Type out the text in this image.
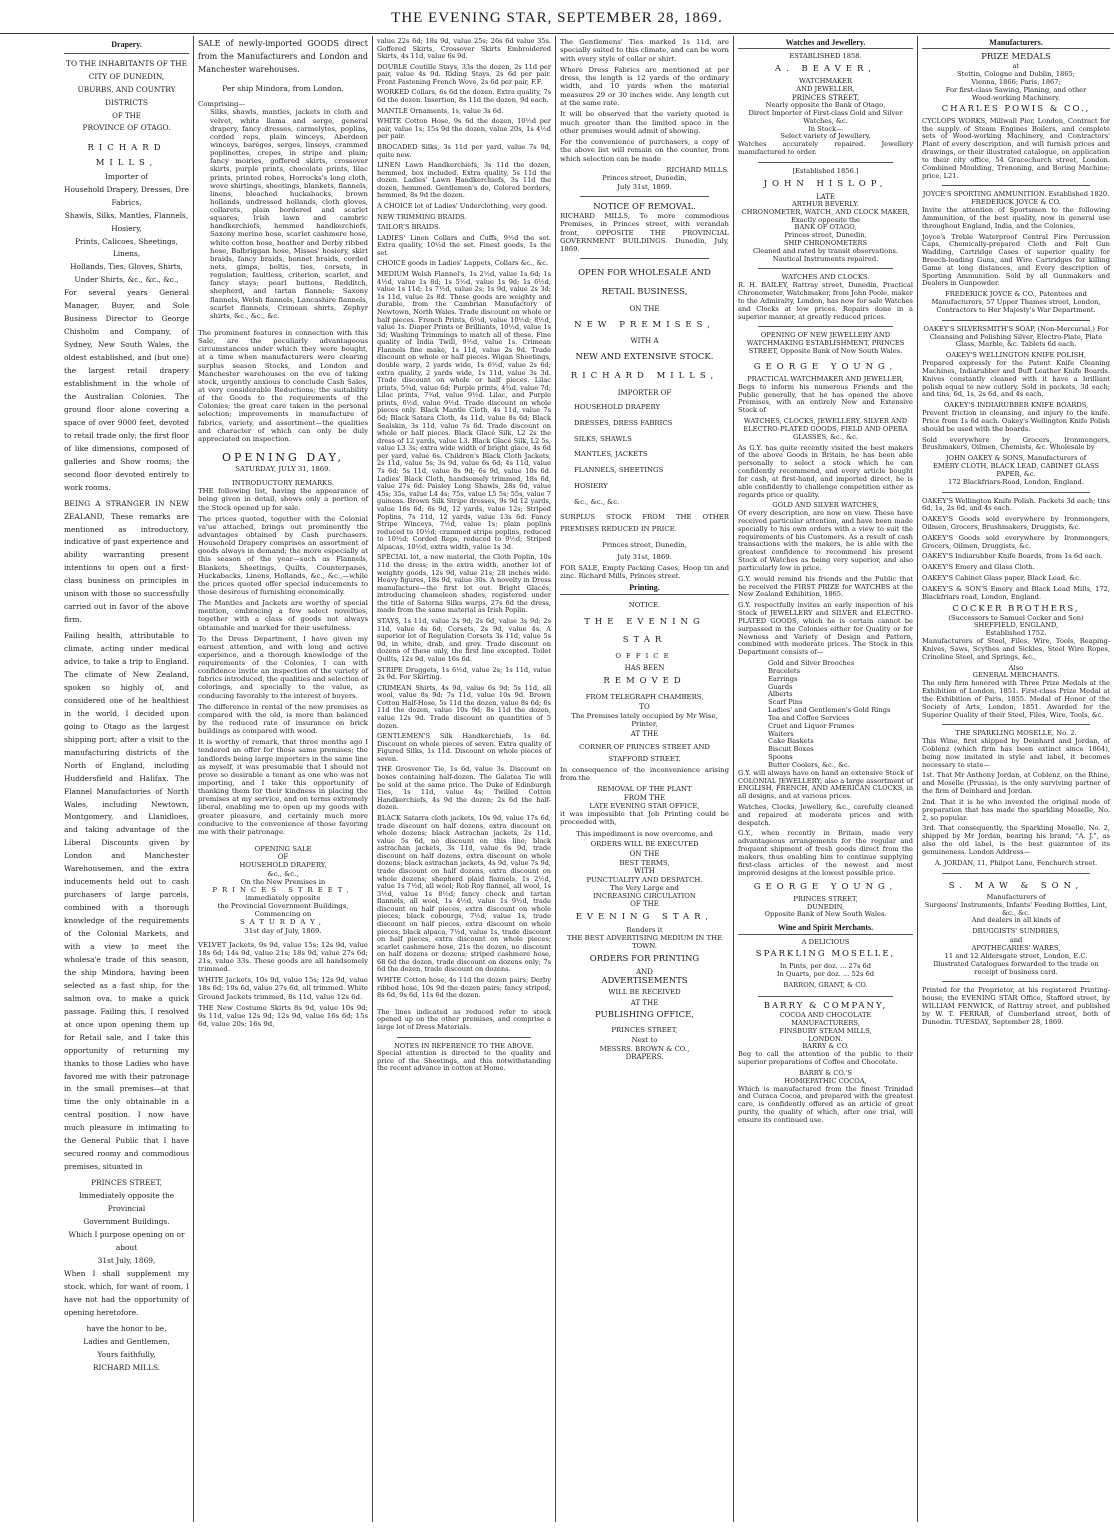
THE EVENING STAR, SEPTEMBER 28, 1869.
Drapery.
TO THE INHABITANTS OF THE
CITY OF DUNEDIN,
UBURBS, AND COUNTRY DISTRICTS
OF THE
PROVINCE OF OTAGO.
RICHARD MILLS,
Importer of
Household Drapery, Dresses, Dre Fabrics,
Shawls, Silks, Mantles, Flannels, Hosiery,
Prints, Calicoes, Sheetings, Linens,
Hollands, Ties, Gloves, Shirts,
Under Shirts, &c., &c., &c.,

For several years General Manager, Buyer, and Sole Business Director to George Chisholm and Company, of Sydney, New South Wales, the oldest established, and (but one) the largest retail drapery establishment in the whole of the Australian Colonies. The ground floor alone covering a space of over 9000 feet, devoted to retail trade only; the first floor of like dimensions, composed of galleries and Show rooms; the second floor devoted entirely to work rooms.

BEING A STRANGER IN NEW ZEALAND, These remarks are mentioned as introductory, indicative of past experience and ability warranting present intentions to open out a first-class business on principles in unison with those so successfully carried out in favor of the above firm.

Failing health, attributable to climate, acting under medical advice, to take a trip to England. The climate of New Zealand, spoken so highly of, and considered one of he healthiest in the world, I decided upon going to Otago as the largest shipping port; after a visit to the manufacturing districts of the North of England, including Huddersfield and Halifax. The Flannel Manufactories of North Wales, including Newtown, Montgomery, and Llanidloes, and taking advantage of the Liberal Discounts given by London and Manchester Warehousemen, and the extra inducements held out to cash purchasers of large parcels, combined with a thorough knowledge of the requirements of the Colonial Markets, and with a view to meet the wholesa'e trade of this season, the ship Mindora, having been selected as a fast ship, for the salmon ova, to make a quick passage. Failing this, I resolved at once upon opening them up for Retail sale, and I take this opportunity of returning my thanks to those Ladies who have favored me with their patronage in the small premises—at that time the only obtainable in a central position. I now have much pleasure in intimating to the General Public that I have secured roomy and commodious premises, situated in

PRINCES STREET,
Immediately opposite the Provincial
Government Buildings.
Which I purpose opening on or about
31st July, 1869,

When I shall supplement my stock, which, for want of room, I have not had the opportunity of opening heretofore.

have the honor to be,
Ladies and Gentlemen,
Yours faithfully,
RICHARD MILLS.

SALE of newly-imported GOODS direct from the Manufacturers and London and Manchester warehouses.

Per ship Mindora, from London.
Comprising—

Silks, shawls, mantles, jackets in cloth and velvet, white llama and serge, general drapery, fancy dresses, carmelytes, poplins, corded reps, plain winceys, Aberdeen winceys, barèges, serges, linseys, crammed poplinettes, crepes, in stripe and plain; fancy moiries, goffered skirts, crossover skirts, purple prints, chocolate prints, lilac prints, printed robes, Horrocks's long cloth, wove shirtings, sheetings, blankets, flannels, linens, bleached huckabacks, brown hollands, undressed hollands, cloth gloves, collarets, plain bordered and scarlet squares, Irish lawn and cambric handkerchiefs, hemmed handkerchiefs, Saxony merino hose, scarlet cashmere hose, white cotton hose, heather and Derby ribbed hose, Balbriggan hose, Misses' hosiery, skirt braids, fancy braids, bonnet braids, corded nets, gimps, boltis, ties, corsets, in regulation, faultless, criterion, scarlet, and fancy stays; pearl buttons, Redditch, shepherd, and tartan flannels; Saxony flannels, Welsh flannels, Lancashire flannels, scarlet flannels, Crimean shirts, Zephyr shirts, &c., &c., &c.

The prominent features in connection with this Sale, are the peculiarly advantageous circumstances under which they were bought, at a time when manufacturers were clearing surplus season Stocks, and London and Manchester warehouses on the eve of taking stock, urgently anxious to conclude Cash Sales, at very considerable Reductions; the suitability of the Goods to the requirements of the Colonies; the great care taken in the personal selection; improvements in manufacture of fabrics, variety, and assortment—the qualities and character of which can only be duly appreciated on inspection.

OPENING DAY,
SATURDAY, JULY 31, 1869.
INTRODUCTORY REMARKS.

THE following list, having the appearance of being given in detail, shows only a portion of the Stock opened up for sale.

The prices quoted, together with the Colonial va'ue attached, brings out prominently the advantages obtained by Cash purchasers. Household Drapery comprises an assortment of goods always in demand; the more especially at this season of the year—such as Flannels, Blankets, Sheetings, Quilts, Counterpanes, Huckabacks, Linens, Hollands, &c., &c.,—while the prices quoted offer special inducements to those desirous of furnishing economically.

The Mantles and Jackets are worthy of special mention, embracing a few select novelties, together with a class of goods not always obtainable and marked for their usefulness.

To the Dress Department, I have given my earnest attention, and with long and active experience, and a thorough knowledge of the requirements of the Colonies, I can with confidence invite an inspection of the variety of fabrics introduced, the qualities and selection of colorings, and specially to the value, as conducing favorably to the interest of buyers.

The difference in rental of the new premises as compared with the old, is more than balanced by the reduced rate of insurance on brick buildings as compared with wood.

It is worthy of remark, that three months ago I tendered an offer for these same premises; the landlords being large importers in the same line as myself, it was presumable that I should not prove so desirable a tenant as one who was not importing, and I take this opportunity of thanking them for their kindness in placing the premises at my service, and on terms extremely liberal, enabling me to open up my goods with greater pleasure, and certainly much more conducive to the convenience of those favoring me with their patronage.

OPENING SALE
OF
HOUSEHOLD DRAPERY,
&c., &c.,
On the New Premises in
PRINCES STREET,
immediately opposite
the Provincial Government Buildings,
Commencing on
SATURDAY,
31st day of July, 1869.

VELVET Jackets, 9s 9d, value 15s; 12s 9d, value 18s 6d; 14s 9d, value 21s; 18s 9d, value 27s 6d; 21s, value 33s. These goods are all handsomely trimmed.

WHITE Jackets, 10s 9d, value 15s; 12s 9d, value 18s 6d; 19s 6d, value 27s 6d, all trimmed. White Ground Jackets trimmed, 8s 11d, value 12s 6d.

THE New Costume Skirts 8s 9d, value 10s 9d; 9s 11d, value 12s 9d; 12s 9d, value 16s 6d; 15s 6d, value 20s; 16s 9d,

value 22s 6d; 18s 9d, value 25s; 26s 6d value 35s. Goffered Skirts, Crossover Skirts Embroidered Skirts, 4s 11d, value 6s 9d.

DOUBLE Coutille Stays, 33s the dozen, 2s 11d per pair, value 4s 9d. Riding Stays, 2s 6d per pair. Front Fastening French Wove, 2s 6d per pair, F.F.

WORKED Collars, 6s 6d the dozen. Extra quality, 7s 6d the dozen. Insertion, 8s 11d the dozen, 9d each.

MANTLE Ornaments, 1s, value 3s 6d.

WHITE Cotton Hose, 9s 6d the dozen, 10½d per pair, value 1s; 15s 9d the dozen, value 20s, 1s 4½d per pair.

BROCADED Silks, 3s 11d per yard, value 7s 9d, quite new.

LINEN Lawn Handkerchiefs, 3s 11d the dozen, hemmed, box included. Extra quality, 5s 11d the dozen. Ladies' Lawn Handkerchiefs, 3s 11d the dozen, hemmed. Gentlemen's do, Colored borders, hemmed, 8s 9d the dozen.

A CHOICE lot of Ladies' Underclothing, very good.

NEW TRIMMING BRAIDS.

TAILOR'S BRAIDS.

LADIES' Linen Collars and Cuffs, 9½d the set. Extra quality, 10½d the set. Finest goods, 1s the set.

CHOICE goods in Ladies' Lappets, Collars &c., &c.

MEDIUM Welsh Flannel's, 1s 2½d, value 1s 6d; 1s 4½d, value 1s 8d; 1s 5½d, value 1s 9d; 1s 6½d, value 1s 11d; 1s 7½d, value 2s; 1s 9d, value 2s 3d; 1s 11d, value 2s 8d. These goods are weighty and durable, from the Cambrian Manufactory of Newtown, North Wales. Trade discount on whole or half pieces. French Prints, 6½d, value 10½d; 8½d, value 1s. Diaper Prints or Brilliants, 10½d, value 1s 3d; Washing Trimmings to match all of these. Fine quality of India Twill, 9½d, value 1s. Crimean Flannels fine make, 1s 11d, value 2s 9d. Trade discount on whole or half pieces. Wigan Sheetings, double warp, 2 yards wide, 1s 6½d, value 2s 6d; extra quality, 2 yards wide, 1s 11d, value 3s 3d. Trade discount on whole or half pieces. Lilac prints, 5¾d, value 6d; Purple prints, 4¾d, value 7d; Lilac prints, 7¾d, value 9½d. Lilac, and Purple prints, 6½d, value 9½d. Trade discount on whole pieces only. Black Mantle Cloth, 4s 11d, value 7s 6d; Black Satara Cloth, 4s 11d, value 8s 6d; Black Sealskin, 3s 11d, value 7s 6d. Trade discount on whole or half pieces. Black Glacé Silk, L2 2s the dress of 12 yards, value L3. Black Glacé Silk, L2 5s, value L3 3s; extra wide width of bright glace, 4s 6d per yard, value 6s. Children's Black Cloth Jackets, 2s 11d, value 5s; 3s 9d, value 6s 6d; 4s 11d, value 7s 6d; 5s 11d, value 8s 9d; 6s 9d, value 10s 6d. Ladies' Black Cloth, handsomely trimmed, 18s 6d, value 27s 6d. Paisley Long Shawls, 28s 6d, value 45s; 35s, value L4 4s; 75s, value L5 5s; 55s, value 7 guineas. Brown Silk Stripe dresses, 9s 9d 12 yards, value 16s 6d; 6s 9d, 12 yards, value 12s; Striped Poplins, 7s 11d, 12 yards, value 13s 6d. Fancy Stripe Winceys, 7½d, value 1s; plain poplins reduced to 10½d; crammed stripe poplins, reduced to 10½d; Corded Reps, reduced to 9½d; Striped Alpacas, 10½d, extra width, value 1s 3d.

SPECIAL lot, a new material, the Cloth Poplin, 10s 11d the dress; in the extra width, another lot of weighty goods, 12s 9d, value 21s; 28 inches wide. Heavy figures, 18s 9d, value 30s. A novelty in Dress manufacture—the first lot out. Bright Glacés, introducing chameleon shades, registered under the title of Saterna Silks warps, 27s 6d the dress, made from the same material as Irish Poplin.

STAYS, 1s 11d, value 2s 9d; 2s 6d, value 3s 9d; 2s 11d, value 4s 6d; Corsets, 2s 9d, value 4s. A superior lot of Regulation Corsets 3s 11d, value 5s 9d, in white, drab, and grey. Trade discount on dozens of these only, the first line excepted. Toilet Quilts, 12s 9d, value 16s 6d.

STRIPE Druggets, 1s 6½d, value 2s; 1s 11d, value 2s 9d. For Skirting.

CRIMEAN Shirts, 4s 9d, value 6s 9d; 5s 11d, all wool, value 8s 9d; 7s 11d, value 10s 9d. Brown Cotton Half-Hose, 5s 11d the dozen, value 8s 6d; 6s 11d the dozen, value 10s 9d; 8s 11d the dozen, value 12s 9d. Trade discount on quantities of 5 dozen.

GENTLEMEN'S Silk Handkerchiefs, 1s 6d. Discount on whole pieces of seven. Extra quality of Figured Silks, 1s 11d. Discount on whole pieces of seven.

THE Grosvenor Tie, 1s 6d, value 3s. Discount on boxes containing half-dozen. The Galatea Tie will be sold at the same price. The Duke of Edinburgh Ties, 1s 11d, value 4s; Twilled Cotton Handkerchiefs, 4s 9d the dozen; 2s 6d the half-dozen.

BLACK Satarra cloth jackets, 10s 9d, value 17s 6d, trade discount on half dozens, extra discount on whole dozens; black Astrachan jackets, 2s 11d, value 5s 6d, no discount on this line; black astrachan jackets, 3s 11d, value 6s 9d, trade discount on half dozens, extra discount on whole dozens; black astrachan jackets, 4s 9d, value 7s 9d, trade discount on half dozens, extra discount on whole dozens; shepherd plaid flannels, 1s 2½d, value 1s 7½d, all wool; Rob Roy flannel, all wool, 1s 3½d, value 1s 8½d; fancy check and tartan flannels, all wool, 1s 4½d, value 1s 9½d, trade discount on half pieces, extra discount on whole pieces; black cobourgs, 7½d, value 1s, trade discount on half pieces, extra discount on whole pieces; black alpaca, 7½d, value 1s, trade discount on half pieces, extra discount on whole pieces; scarlet cashmere hose, 21s the dozen, no discount on half dozens or dozens; striped cashmere hose, 68 6d the dozen, trade discount on dozens only; 7s 6d the dozen, trade discount on dozens.

WHITE Cotton hose, 4s 11d the dozen pairs; Derby ribbed hose, 10s 9d the dozen pairs; fancy striped, 8s 6d, 9s 6d, 11s 6d the dozen.

The lines indicated as reduced refer to stock opened up on the other premises, and comprise a large lot of Dress Materials.

NOTES IN REFERENCE TO THE ABOVE.

Special attention is directed to the quality and price of the Sheetings, and this notwithstanding the recent advance in cotton at Home.

The Gentlemens' Ties marked 1s 11d, are specially suited to this climate, and can be worn with every style of collar or shirt.

Where Dress Fabrics are mentioned at per dress, the length is 12 yards of the ordinary width, and 10 yards when the material measures 29 or 30 inches wide. Any length cut at the same rate.

It will be observed that the variety quoted is much greater than the limited space in the other premises would admit of showing.

For the convenience of purchasers, a copy of the above list will remain on the counter, from which selection can be made

RICHARD MILLS.
Princes street, Dunedin,
July 31st, 1869.
NOTICE OF REMOVAL.

RICHARD MILLS, To more commodious Premises, in Princes street, with verandah front, OPPOSITE THE PROVINCIAL GOVERNMENT BUILDINGS. Dunedin, July, 1869.

OPEN FOR WHOLESALE AND
RETAIL BUSINESS,
ON THE
NEW PREMISES,
WITH A
NEW AND EXTENSIVE STOCK.
RICHARD MILLS,
IMPORTER OF
HOUSEHOLD DRAPERY
DRESSES, DRESS FABRICS
SILKS, SHAWLS
MANTLES, JACKETS
FLANNELS, SHEETINGS
HOSIERY
&c., &c., &c.

SURPLUS STOCK FROM THE OTHER PREMISES REDUCED IN PRICE.

Princes street, Dunedin,
July 31st, 1869.

FOR SALE, Empty Packing Cases, Hoop tin and zinc. Richard Mills, Princes street.

Printing.
NOTICE.
THE EVENING STAR
OFFICE
HAS BEEN
REMOVED
FROM TELEGRAPH CHAMBERS,
TO
The Premises lately occupied by Mr Wise, Printer,
AT THE
CORNER OF PRINCES STREET AND STAFFORD STREET.

In consequence of the inconvenience arising from the

REMOVAL OF THE PLANT
FROM THE
LATE EVENING STAR OFFICE,

it was impossible that Job Printing could be proceeded with,

This impediment is now overcome, and
ORDERS WILL BE EXECUTED
ON THE
BEST TERMS,
WITH
PUNCTUALITY AND DESPATCH.
The Very Large and
INCREASING CIRCULATION
OF THE
EVENING STAR,
Renders it
THE BEST ADVERTISING MEDIUM IN THE TOWN.
ORDERS FOR PRINTING
AND
ADVERTISEMENTS
WILL BE RECEIVED
AT THE
PUBLISHING OFFICE,
PRINCES STREET,
Next to
MESSRS. BROWN & CO.,
DRAPERS.
Watches and Jewellery.
ESTABLISHED 1858.
A. BEAVER,
WATCHMAKER
AND JEWELLER,
PRINCES STREET,
Nearly opposite the Bank of Otago,
Direct Importer of First-class Gold and Silver Watches, &c.
In Stock—
Select variety of Jewellery.

Watches accurately repaired. Jewellery manufactured to order.

[Established 1856.]
JOHN HISLOP,
LATE
ARTHUR BEVERLY.
CHRONOMETER, WATCH, AND CLOCK MAKER,
Exactly opposite the
BANK OF OTAGO,
Princes street, Dunedin,
SHIP CHRONOMETERS

Cleaned and rated by transit observations. Nautical Instruments repaired.

WATCHES AND CLOCKS.

R. H. BAILEY, Rattray street, Dunedin, Practical Chronometer, Watchmaker, from John Poole, maker to the Admiralty, London, has now for sale Watches and Clocks at low prices. Repairs done in a superior manner, at greatly reduced prices.

OPENING OF NEW JEWELLERY AND WATCHMAKING ESTABLISHMENT, PRINCES STREET, Opposite Bank of New South Wales.

GEORGE YOUNG,
PRACTICAL WATCHMAKER AND JEWELLER,

Begs to inform his numerous Friends and the Public generally, that he has opened the above Premises, with an entirely New and Extensive Stock of

WATCHES, CLOCKS, JEWELLERY, SILVER AND ELECTRO-PLATED GOODS, FIELD AND OPERA GLASSES, &c., &c.

As G.Y. has quite recently visited the best makers of the above Goods in Britain, he has been able personally to select a stock which he can confidently recommend, and every article bought for cash, at first-hand, and imported direct, he is able confidently to challenge competition either as regards price or quality.

GOLD AND SILVER WATCHES,

Of every description, are now on view. These have received particular attention, and have been made specially to his own orders with a view to suit the requirements of his Customers. As a result of cash transactions with the makers, he is able with the greatest confidence to recommend his present Stock of Watches as being very superior, and also particularly low in price.

G.Y. would remind his friends and the Public that he received the FIRST PRIZE for WATCHES at the New Zealand Exhibition, 1865.

G.Y. respectfully invites an early inspection of his Stock of JEWELLERY and SILVER and ELECTRO-PLATED GOODS, which he is certain cannot be surpassed in the Colonies either for Quality or for Newness and Variety of Design and Pattern, combined with moderate prices. The Stock in this Department consists of—

Gold and Silver Brooches
Bracelets
Earrings
Guards
Alberts
Scarf Pins
Ladies' and Gentlemen's Gold Rings
Tea and Coffee Services
Cruet and Liquor Frames
Waiters
Cake Baskets
Biscuit Boxes
Spoons
Butter Coolers, &c., &c.

G.Y. will always have on hand an extensive Stock of COLONIAL JEWELLERY; also a large assortment of ENGLISH, FRENCH, AND AMERICAN CLOCKS, in all designs, and at various prices.

Watches, Clocks, Jewellery, &c., carefully cleaned and repaired at moderate prices and with despatch.

G.Y., when recently in Britain, made very advantageous arrangements for the regular and frequent shipment of fresh goods direct from the makers, thus enabling him to continue supplying first-class articles of the newest and most improved designs at the lowest possible price.

GEORGE YOUNG,
PRINCES STREET,
DUNEDIN,
Opposite Bank of New South Wales.
Wine and Spirit Merchants.
A DELICIOUS
SPARKLING MOSELLE,
In Pints, per doz. ... 27s 6d
In Quarts, per doz. ... 52s 6d
BARRON, GRANT, & CO.
BARRY & COMPANY,
COCOA AND CHOCOLATE
MANUFACTURERS,
FINSBURY STEAM MILLS,
LONDON.
BARRY & CO.

Beg to call the attention of the public to their superior preparations of Coffee and Chocolate.

BARRY & CO.'S
HOMŒPATHIC COCOA,

Which is manufactured from the finest Trinidad and Curaca Cocoa, and prepared with the greatest care, is confidently offered as an article of great purity, the quality of which, after one trial, will ensure its continued use.

Manufacturers.
PRIZE MEDALS
at
Stettin, Cologne and Dublin, 1865;
Vienna, 1866; Paris, 1867;
For first-class Sawing, Planing, and other
Wood-working Machinery.
CHARLES POWIS & CO.,

CYCLOPS WORKS, Millwall Pier, London, Contract for the supply of Steam Engines Boilers, and complete sets of Wood-working Machinery, and Contractors' Plant of every description, and will furnish prices and drawings, or their illustrated catalogue, on application to their city office, 54 Gracechurch street, London. Combined Moulding, Trenoning, and Boring Machine; price, L21.

JOYCE'S SPORTING AMMUNITION. Established 1820.
FREDERICK JOYCE & CO.

Invite the attention of Sportsmen to the following Ammunition, of the best quality, now in general use throughout England, India, and the Colonies,

Joyce's Treble Waterproof Central Fire Percussion Caps, Chemically-prepared Cloth and Felt Gun Wadding, Cartridge Cases of superior quality for Breech-loading Guns, and Wire Cartridges for killing Game at long distances, and Every description of Sporting Ammunition. Sold by all Gunmakers and Dealers in Gunpowder.

FREDERICK JOYCE & CO., Patentees and Manufacturers, 57 Upper Thames street, London, Contractors to Her Majesty's War Department.

OAKEY'S SILVERSMITH'S SOAP, (Non-Mercurial,) For Cleansing and Polishing Silver, Electro-Plate, Plate Glass, Marble, &c. Tablets 6d each.

OAKEY'S WELLINGTON KNIFE POLISH,

Prepared expressly for the Patent Knife Cleaning Machines, Indiarubber and Buff Leather Knife Boards. Knives constantly cleaned with it have a brilliant polish equal to new cutlery. Sold in packets, 3d each; and tins, 6d, 1s, 2s 6d, and 4s each.

OAKEY'S INDIARUBBER KNIFE BOARDS,

Prevent friction in cleansing, and injury to the knife. Price from 1s 6d each. Oakey's Wellington Knife Polish should be used with the boards.

Sold everywhere by Grocers, Ironmongers, Brushmakers, Oilmen, Chemists, &c. Wholesale by

JOHN OAKEY & SONS, Manufacturers of
EMERY CLOTH, BLACK LEAD, CABINET GLASS PAPER, &c.
172 Blackfriars-Road, London, England.

OAKEY'S Wellington Knife Polish. Packets 3d each; tins 6d, 1s, 2s 6d, and 4s each.

OAKEY'S Goods sold everywhere by Ironmongers, Oilmen, Grocers, Brushmakers, Druggists, &c.

OAKEY'S Goods sold everywhere by Ironmongers, Grocers, Oilmen, Druggists, &c.

OAKEY'S Indiarubber Knife Boards, from 1s 6d each.

OAKEY'S Emery and Glass Cloth.

OAKEY'S Cabinet Glass paper, Black Lead, &c.

OAKEY'S & SON'S Emery and Black Lead Mills, 172, Blackfriars road, London, England.

COCKER BROTHERS,
(Successors to Samuel Cocker and Son)
SHEFFIELD, ENGLAND,
Established 1752.

Manufacturers of Steel, Files, Wire, Tools, Reaping-Knives, Saws, Scythes and Sickles, Steel Wire Ropes, Crinoline Steel, and Springs, &c.,

Also
GENERAL MERCHANTS.

The only firm honored with Three Prize Medals at the Exhibition of London, 1851. First-class Prize Medal at the Exhibition of Paris, 1855. Medal of Honor of the Society of Arts, London, 1851. Awarded for the Superior Quality of their Steel, Files, Wire, Tools, &c.

THE SPARKLING MOSELLE, No. 2.

This Wine, first shipped by Deinhard and Jordan, of Coblenz (which firm has been extinct since 1864), being now imitated in style and label, it becomes necessary to state—

1st. That Mr Anthony Jordan, at Coblenz, on the Rhine, and Moselle (Prussia), is the only surviving partner of the firm of Deinhard and Jordan.

2nd. That it is he who invented the original mode of preparation that has made the sparkling Moselle, No. 2, so popular.

3rd. That consequently, the Sparkling Moselle, No. 2, shipped by Mr Jordan, bearing his brand, "A. J.", as also the old label, is the best guarantee of its genuineness. London Address—

A. JORDAN, 11, Philpot Lane, Fenchurch street.
S. MAW & SON,
Manufacturers of
Surgeons' Instruments, Infants' Feeding Bottles, Lint, &c., &c.
And dealers in all kinds of
DRUGGISTS' SUNDRIES,
and
APOTHECARIES' WARES,
11 and 12 Aldersgate street, London, E.C.

Illustrated Catalogues forwarded to the trade on receipt of business card.

Printed for the Proprietor, at his registered Printing-house, the EVENING STAR Office, Stafford street, by WILLIAM FENWICK, of Rattray street, and published by W. T. FERRAR, of Cumberland street, both of Dunedin. TUESDAY, September 28, 1869.
